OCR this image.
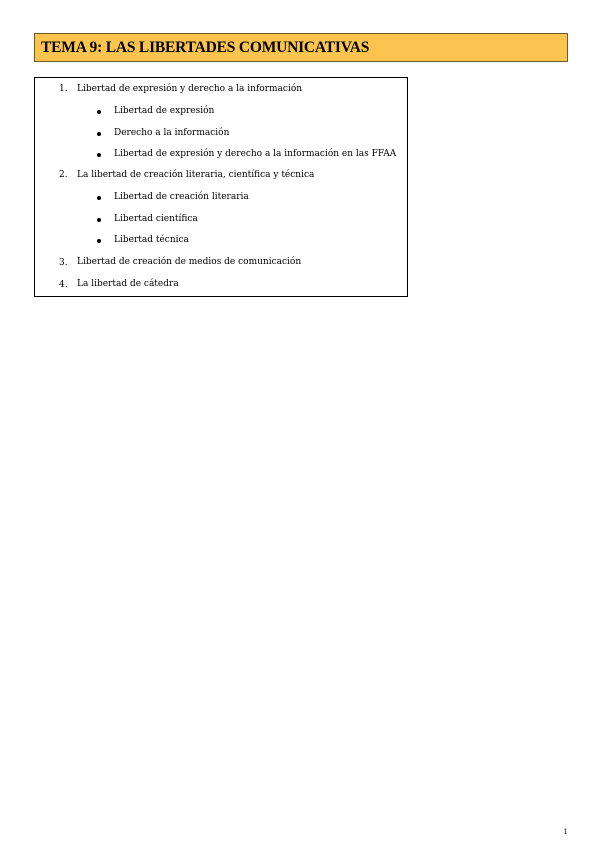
TEMA 9: LAS LIBERTADES COMUNICATIVAS
1. Libertad de expresión y derecho a la información
Libertad de expresión
Derecho a la información
Libertad de expresión y derecho a la información en las FFAA
2. La libertad de creación literaria, científica y técnica
Libertad de creación literaria
Libertad científica
Libertad técnica
3. Libertad de creación de medios de comunicación
4. La libertad de cátedra
1
